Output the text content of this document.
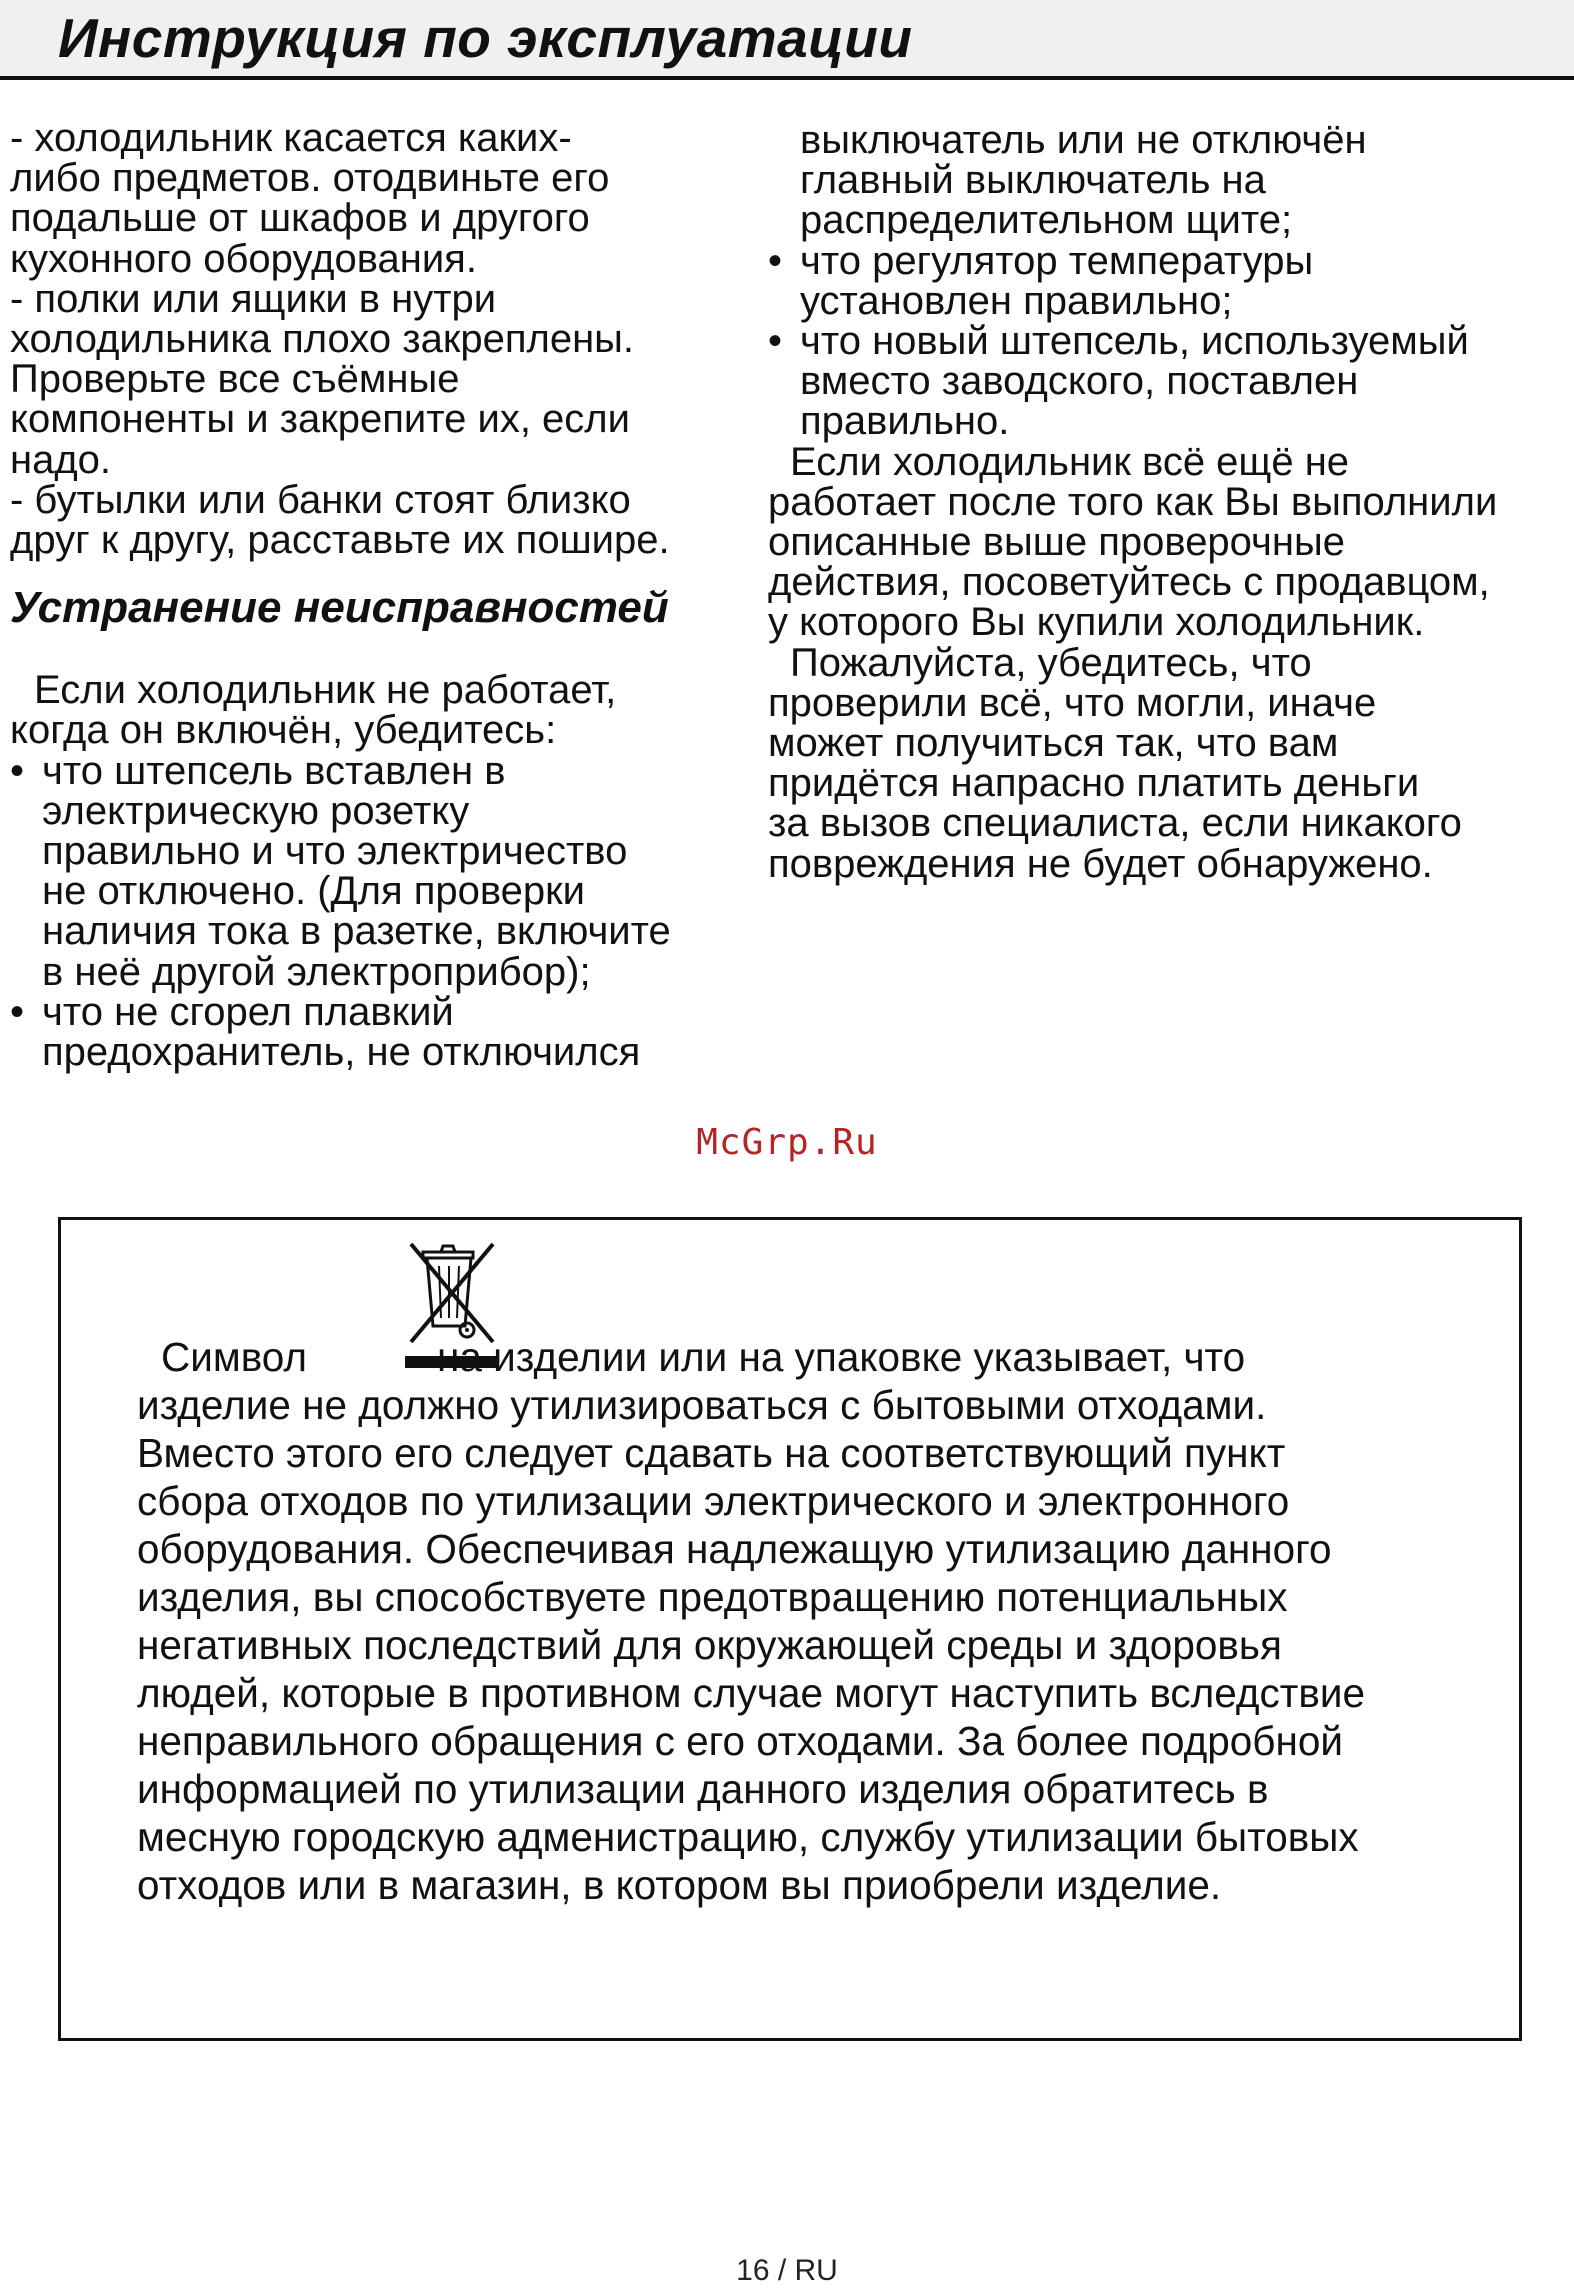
Инструкция по эксплуатации
- холодильник касается каких-
либо предметов. отодвиньте его
подальше от шкафов и другого
кухонного оборудования.
- полки или ящики в нутри
холодильника плохо закреплены.
Проверьте все съёмные
компоненты и закрепите их, если
надо.
- бутылки или банки стоят близко
друг к другу, расставьте их пошире.
Устранение неисправностей
Если холодильник не работает,
когда он включён, убедитесь:
• что штепсель вставлен в
электрическую розетку
правильно и что электричество
не отключено. (Для проверки
наличия тока в разетке, включите
в неё другой электроприбор);
• что не сгорел плавкий
предохранитель, не отключился
выключатель или не отключён
главный выключатель на
распределительном щите;
• что регулятор температуры
установлен правильно;
• что новый штепсель, используемый
вместо заводского, поставлен
правильно.
Если холодильник всё ещё не
работает после того как Вы выполнили
описанные выше проверочные
действия, посоветуйтесь с продавцом,
у которого Вы купили холодильник.
Пожалуйста, убедитесь, что
проверили всё, что могли, иначе
может получиться так, что вам
придётся напрасно платить деньги
за вызов специалиста, если никакого
повреждения не будет обнаружено.
McGrp.Ru
Символ	на изделии или на упаковке указывает, что
изделие не должно утилизироваться с бытовыми отходами.
Вместо этого его следует сдавать на соответствующий пункт
сбора отходов по утилизации электрического и электронного
оборудования. Обеспечивая надлежащую утилизацию данного
изделия, вы способствуете предотвращению потенциальных
негативных последствий для окружающей среды и здоровья
людей, которые в противном случае могут наступить вследствие
неправильного обращения с его отходами. За более подробной
информацией по утилизации данного изделия обратитесь в
месную городскую адменистрацию, службу утилизации бытовых
отходов или в магазин, в котором вы приобрели изделие.
16 / RU
